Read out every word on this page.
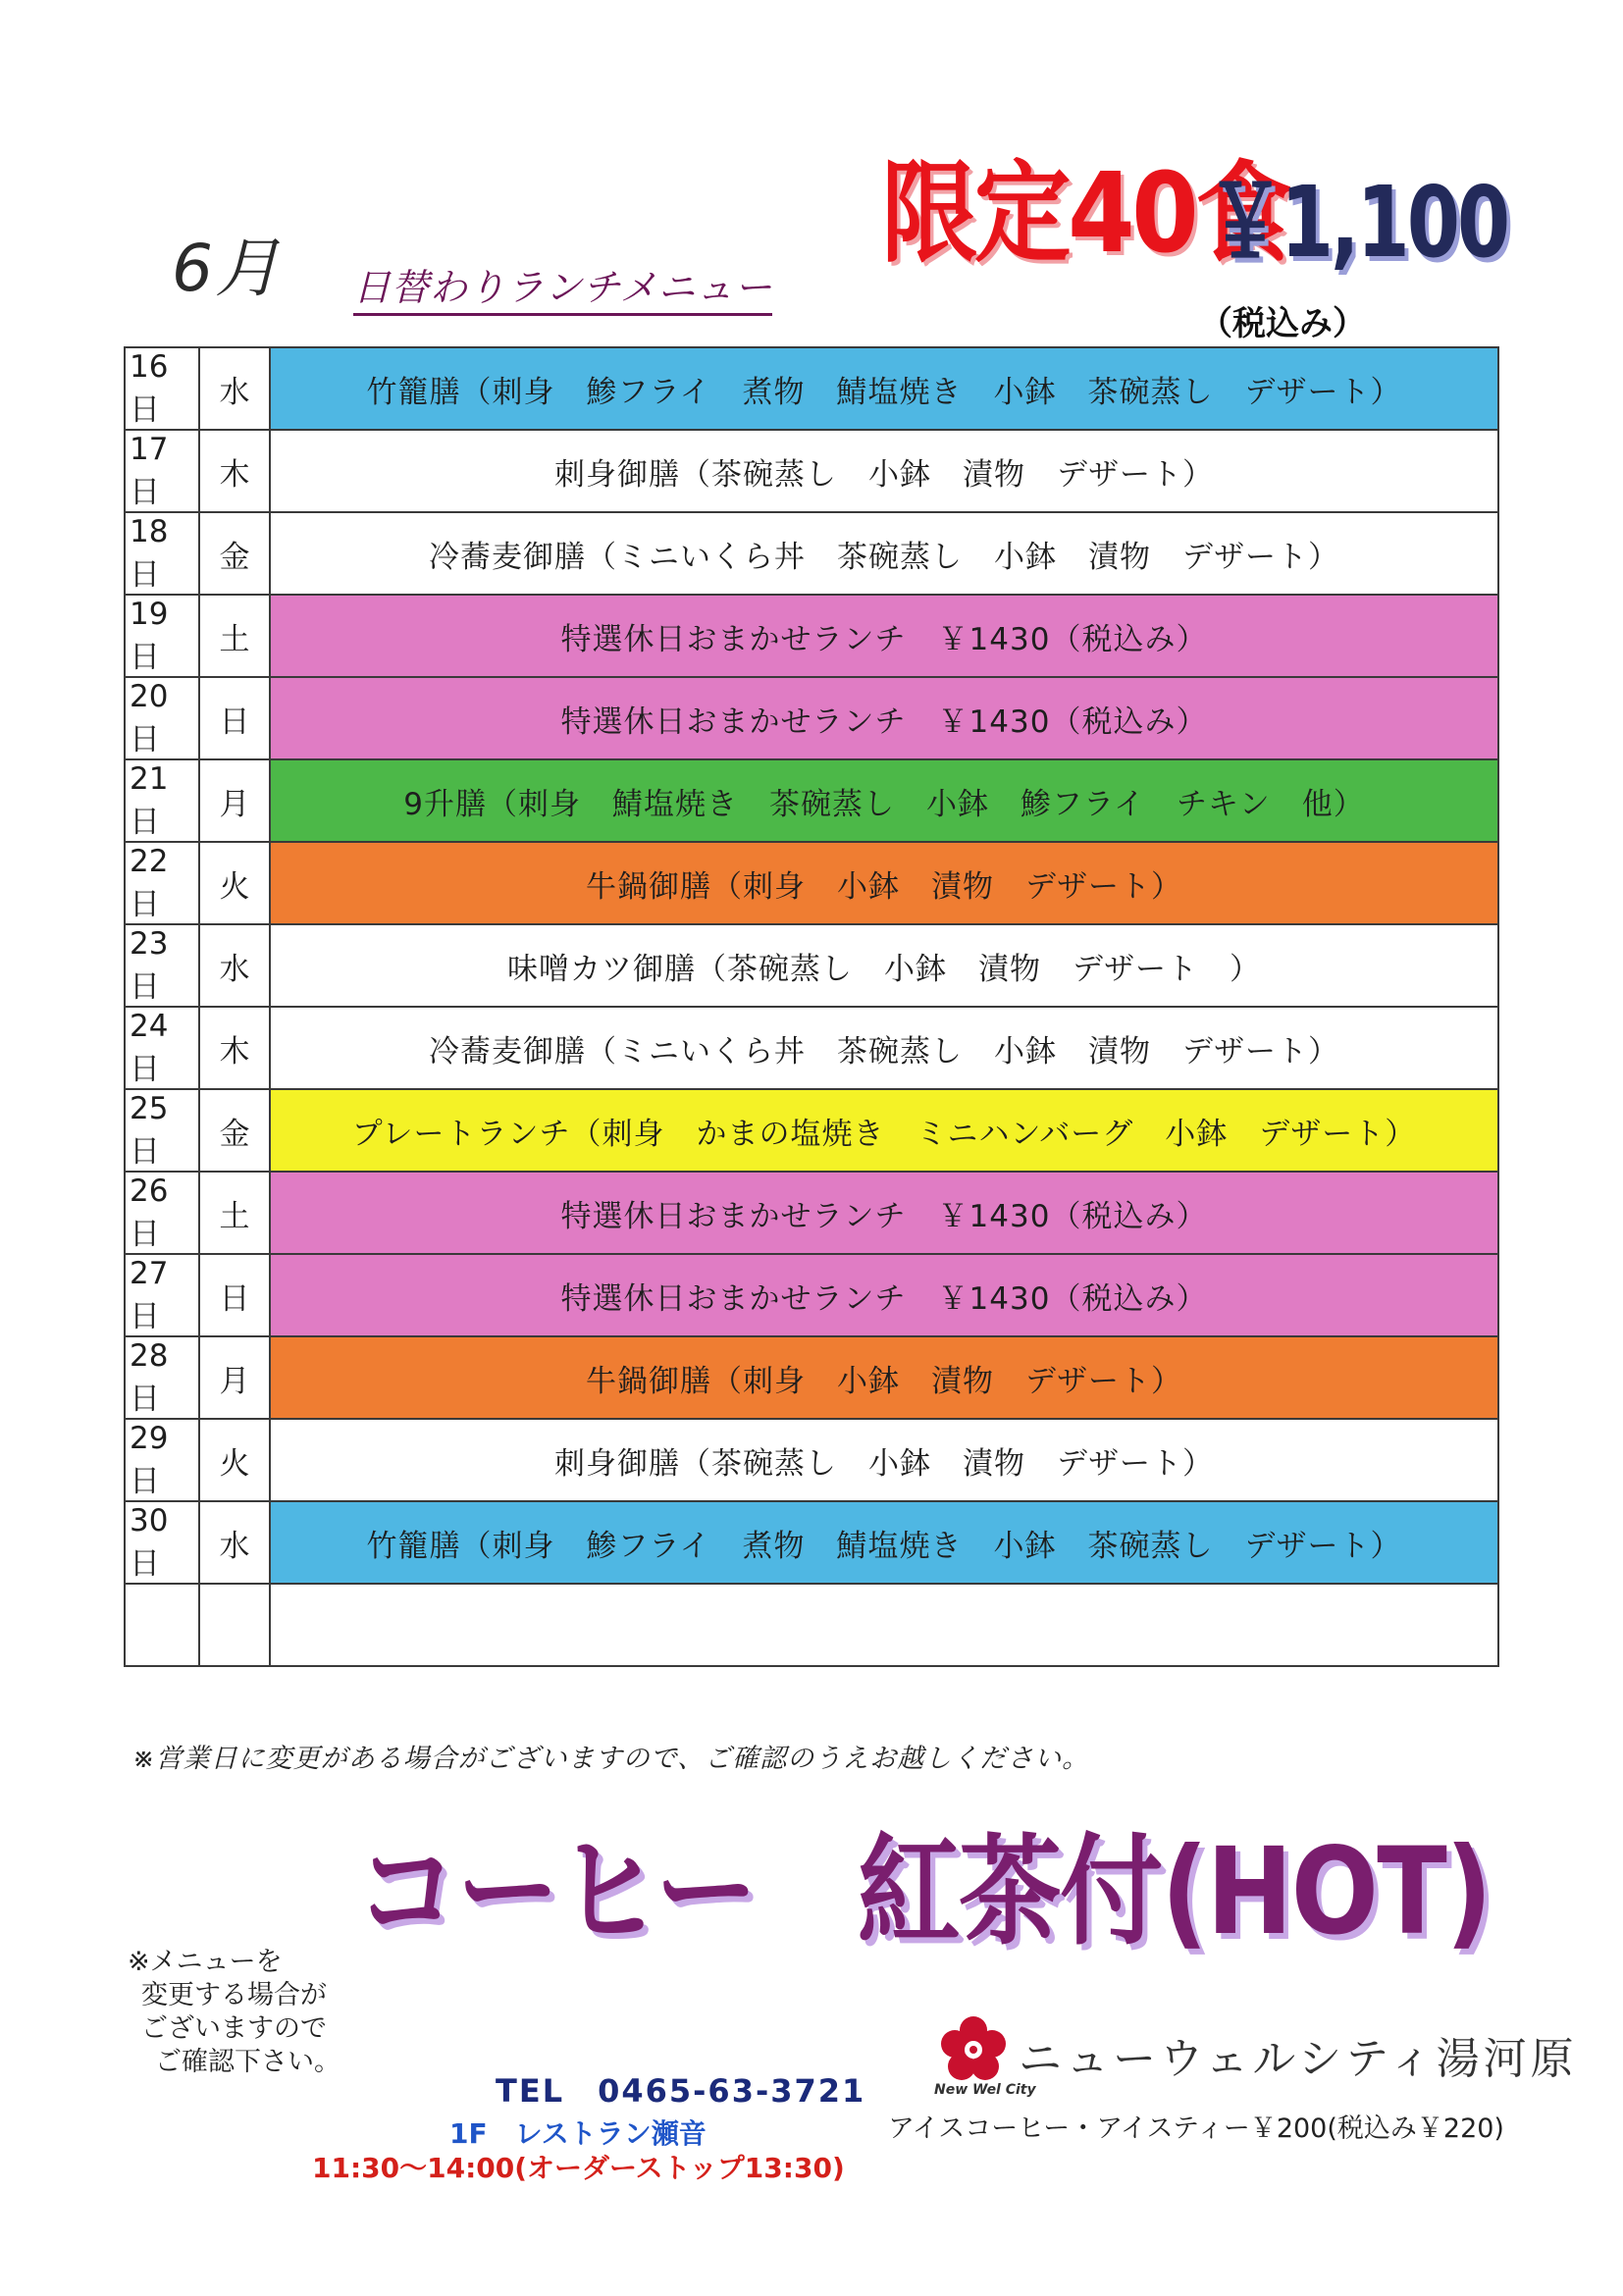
6月 日替わりランチメニュー
限定40食
￥1,100
（税込み）
16日	水	竹籠膳（刺身　鯵フライ　煮物　鯖塩焼き　小鉢　茶碗蒸し　デザート）
17日	木	刺身御膳（茶碗蒸し　小鉢　漬物　デザート）
18日	金	冷蕎麦御膳（ミニいくら丼　茶碗蒸し　小鉢　漬物　デザート）
19日	土	特選休日おまかせランチ　￥1430（税込み）
20日	日	特選休日おまかせランチ　￥1430（税込み）
21日	月	9升膳（刺身　鯖塩焼き　茶碗蒸し　小鉢　鯵フライ　チキン　他）
22日	火	牛鍋御膳（刺身　小鉢　漬物　デザート）
23日	水	味噌カツ御膳（茶碗蒸し　小鉢　漬物　デザート　）
24日	木	冷蕎麦御膳（ミニいくら丼　茶碗蒸し　小鉢　漬物　デザート）
25日	金	プレートランチ（刺身　かまの塩焼き　ミニハンバーグ　小鉢　デザート）
26日	土	特選休日おまかせランチ　￥1430（税込み）
27日	日	特選休日おまかせランチ　￥1430（税込み）
28日	月	牛鍋御膳（刺身　小鉢　漬物　デザート）
29日	火	刺身御膳（茶碗蒸し　小鉢　漬物　デザート）
30日	水	竹籠膳（刺身　鯵フライ　煮物　鯖塩焼き　小鉢　茶碗蒸し　デザート）

※営業日に変更がある場合がございますので、ご確認のうえお越しください。
コーヒー　紅茶付(HOT)
※メニューを
変更する場合が
ございますので
ご確認下さい。	ニューウェルシティ湯河原
New Wel City
TEL　0465-63-3721
1F　レストラン瀬音
11:30〜14:00(オーダーストップ13:30)
アイスコーヒー・アイスティー￥200(税込み￥220)
